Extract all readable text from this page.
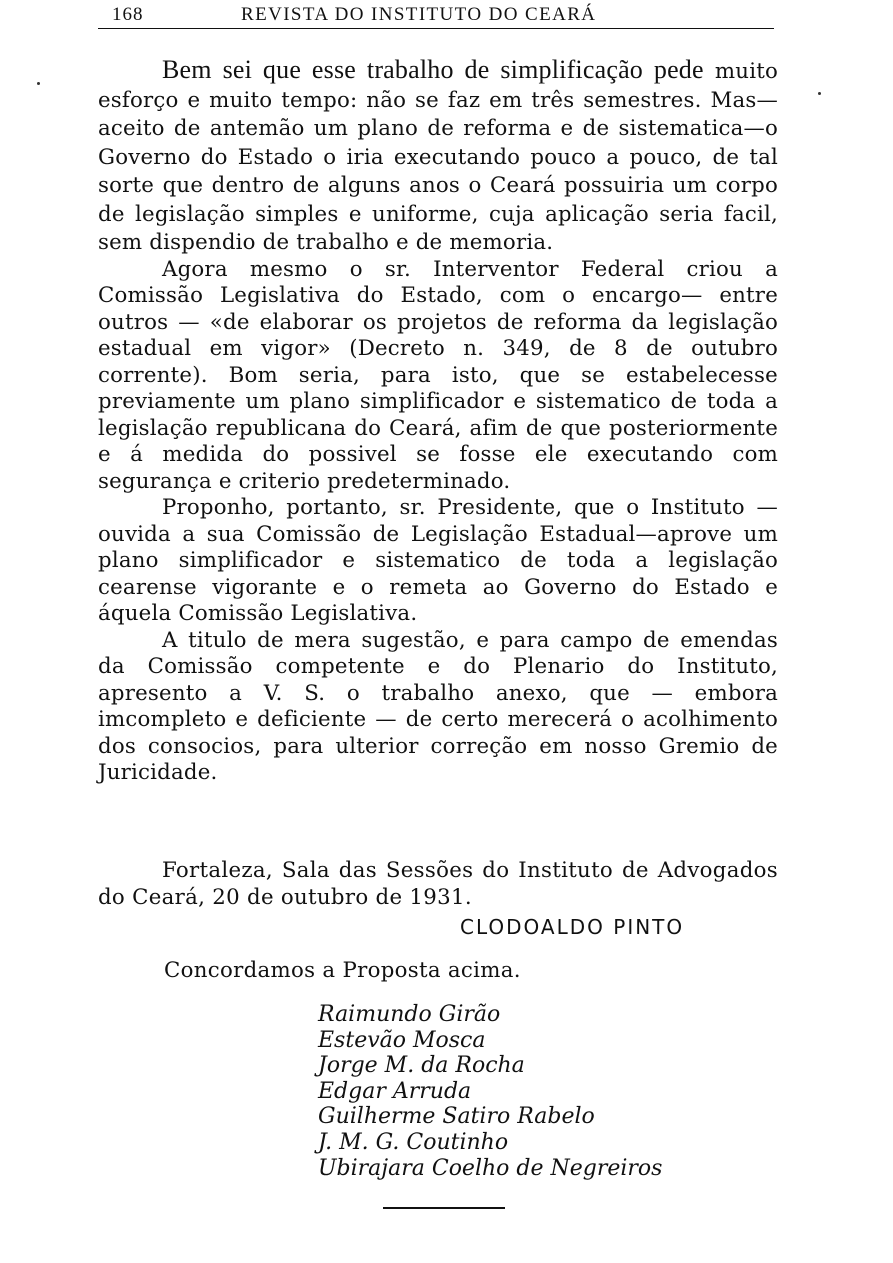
168	REVISTA DO INSTITUTO DO CEARÁ

Bem sei que esse trabalho de simplificação pede muito esforço e muito tempo: não se faz em três semestres. Mas—aceito de antemão um plano de reforma e de sistematica—o Governo do Estado o iria executando pouco a pouco, de tal sorte que dentro de alguns anos o Ceará possuiria um corpo de legislação simples e uniforme, cuja aplicação seria facil, sem dispendio de trabalho e de memoria.

Agora mesmo o sr. Interventor Federal criou a Comissão Legislativa do Estado, com o encargo— entre outros — «de elaborar os projetos de reforma da legislação estadual em vigor» (Decreto n. 349, de 8 de outubro corrente). Bom seria, para isto, que se estabelecesse previamente um plano simplificador e sistematico de toda a legislação republicana do Ceará, afim de que posteriormente e á medida do possivel se fosse ele executando com segurança e criterio predeterminado.

Proponho, portanto, sr. Presidente, que o Instituto — ouvida a sua Comissão de Legislação Estadual—aprove um plano simplificador e sistematico de toda a legislação cearense vigorante e o remeta ao Governo do Estado e áquela Comissão Legislativa.

A titulo de mera sugestão, e para campo de emendas da Comissão competente e do Plenario do Instituto, apresento a V. S. o trabalho anexo, que — embora imcompleto e deficiente — de certo merecerá o acolhimento dos consocios, para ulterior correção em nosso Gremio de Juricidade.

Fortaleza, Sala das Sessões do Instituto de Advogados do Ceará, 20 de outubro de 1931.

CLODOALDO PINTO
Concordamos a Proposta acima.
Raimundo Girão
Estevão Mosca
Jorge M. da Rocha
Edgar Arruda
Guilherme Satiro Rabelo
J. M. G. Coutinho
Ubirajara Coelho de Negreiros
